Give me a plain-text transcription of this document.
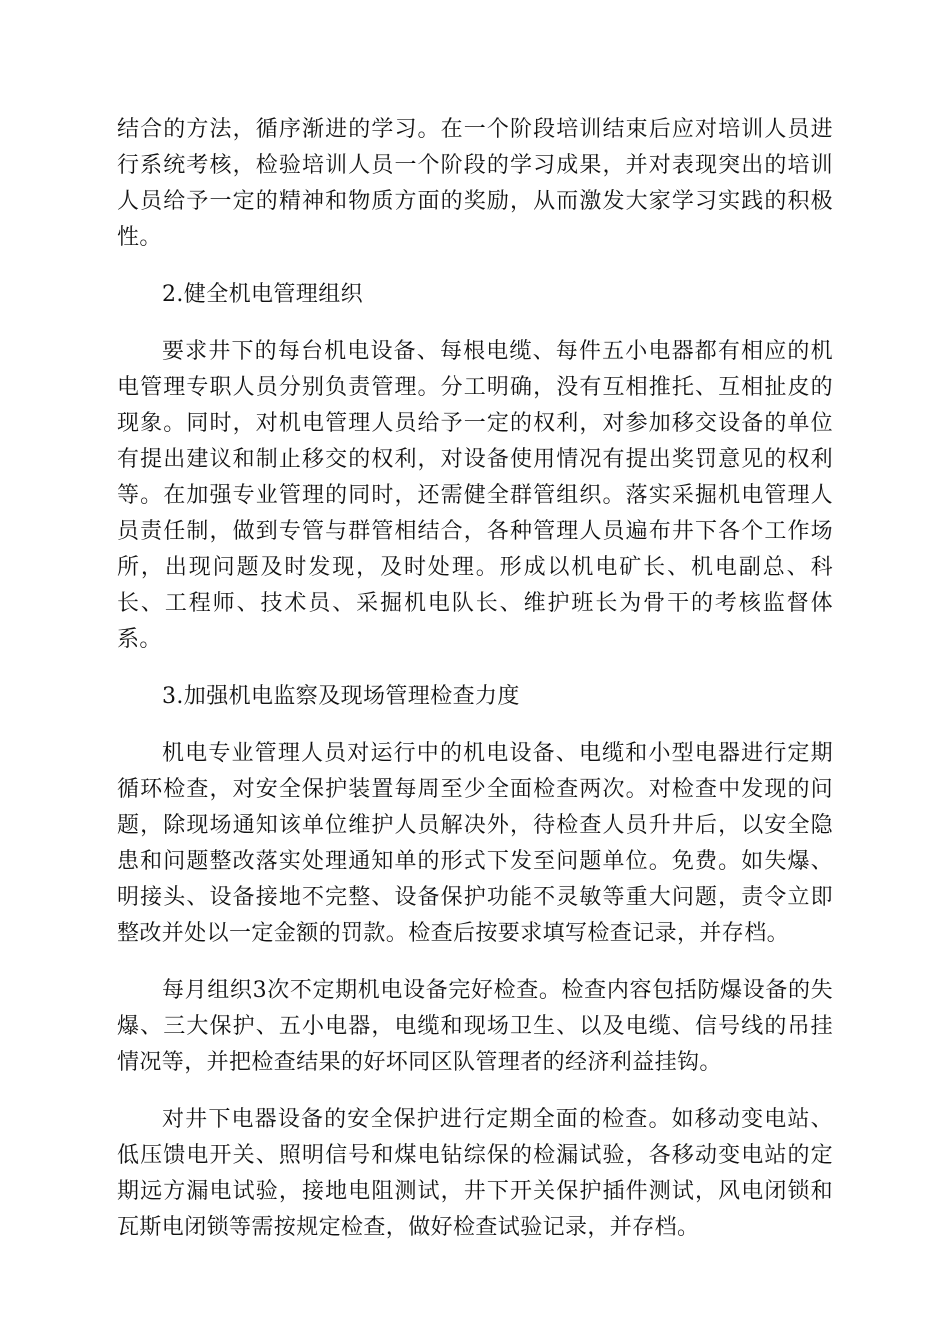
结合的方法，循序渐进的学习。在一个阶段培训结束后应对培训人员进行系统考核，检验培训人员一个阶段的学习成果，并对表现突出的培训人员给予一定的精神和物质方面的奖励，从而激发大家学习实践的积极性。

2.健全机电管理组织

要求井下的每台机电设备、每根电缆、每件五小电器都有相应的机电管理专职人员分别负责管理。分工明确，没有互相推托、互相扯皮的现象。同时，对机电管理人员给予一定的权利，对参加移交设备的单位有提出建议和制止移交的权利，对设备使用情况有提出奖罚意见的权利等。在加强专业管理的同时，还需健全群管组织。落实采掘机电管理人员责任制，做到专管与群管相结合，各种管理人员遍布井下各个工作场所，出现问题及时发现，及时处理。形成以机电矿长、机电副总、科长、工程师、技术员、采掘机电队长、维护班长为骨干的考核监督体系。

3.加强机电监察及现场管理检查力度

机电专业管理人员对运行中的机电设备、电缆和小型电器进行定期循环检查，对安全保护装置每周至少全面检查两次。对检查中发现的问题，除现场通知该单位维护人员解决外，待检查人员升井后，以安全隐患和问题整改落实处理通知单的形式下发至问题单位。免费。如失爆、明接头、设备接地不完整、设备保护功能不灵敏等重大问题，责令立即整改并处以一定金额的罚款。检查后按要求填写检查记录，并存档。

每月组织3次不定期机电设备完好检查。检查内容包括防爆设备的失爆、三大保护、五小电器，电缆和现场卫生、以及电缆、信号线的吊挂情况等，并把检查结果的好坏同区队管理者的经济利益挂钩。

对井下电器设备的安全保护进行定期全面的检查。如移动变电站、低压馈电开关、照明信号和煤电钻综保的检漏试验，各移动变电站的定期远方漏电试验，接地电阻测试，井下开关保护插件测试，风电闭锁和瓦斯电闭锁等需按规定检查，做好检查试验记录，并存档。
